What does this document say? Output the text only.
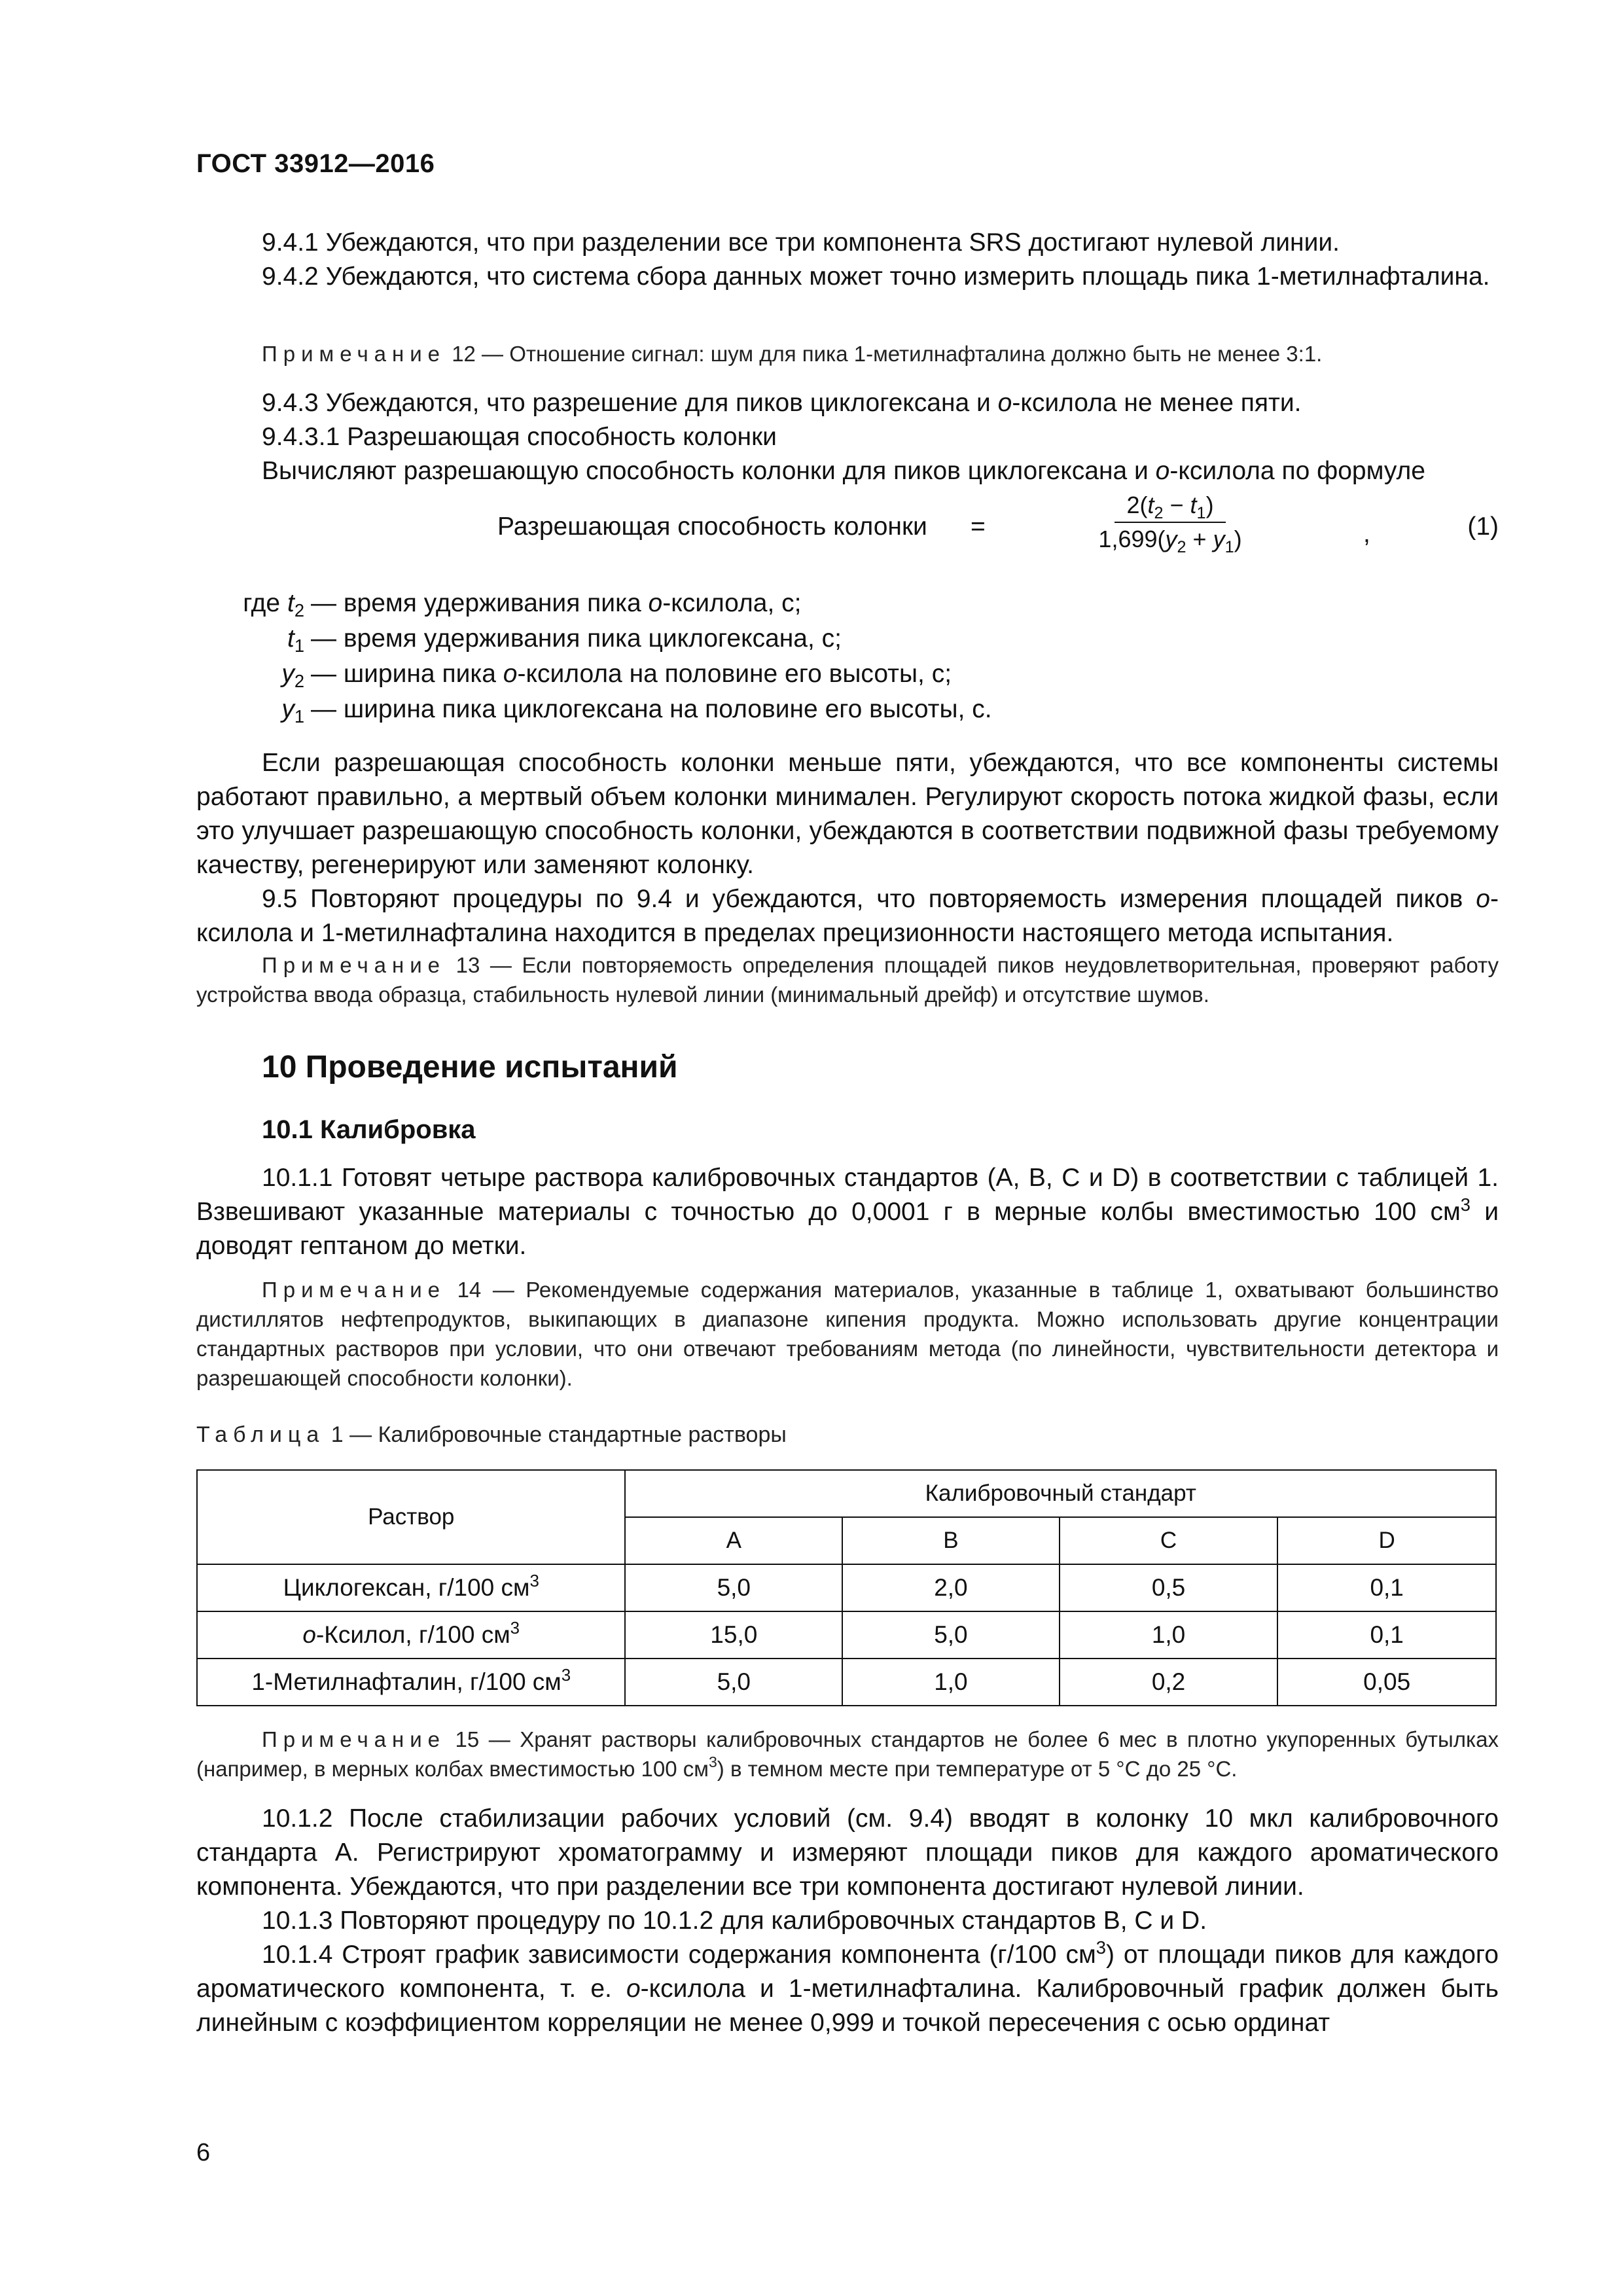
ГОСТ 33912—2016

9.4.1 Убеждаются, что при разделении все три компонента SRS достигают нулевой линии.

9.4.2 Убеждаются, что система сбора данных может точно измерить площадь пика 1-метилнафталина.

Примечание 12 — Отношение сигнал: шум для пика 1-метилнафталина должно быть не менее 3:1.

9.4.3 Убеждаются, что разрешение для пиков циклогексана и о-ксилола не менее пяти.

9.4.3.1 Разрешающая способность колонки

Вычисляют разрешающую способность колонки для пиков циклогексана и о-ксилола по формуле

Разрешающая способность колонки = $\frac{2(t_2 - t_1)}{1,699(y_2 + y_1)}$ ,	(1)
где $t_2$ — время удерживания пика о-ксилола, с;
$t_1$ — время удерживания пика циклогексана, с;
$y_2$ — ширина пика о-ксилола на половине его высоты, с;
$y_1$ — ширина пика циклогексана на половине его высоты, с.

Если разрешающая способность колонки меньше пяти, убеждаются, что все компоненты системы работают правильно, а мертвый объем колонки минимален. Регулируют скорость потока жидкой фазы, если это улучшает разрешающую способность колонки, убеждаются в соответствии подвижной фазы требуемому качеству, регенерируют или заменяют колонку.

9.5 Повторяют процедуры по 9.4 и убеждаются, что повторяемость измерения площадей пиков о-ксилола и 1-метилнафталина находится в пределах прецизионности настоящего метода испытания.

Примечание 13 — Если повторяемость определения площадей пиков неудовлетворительная, проверяют работу устройства ввода образца, стабильность нулевой линии (минимальный дрейф) и отсутствие шумов.

10 Проведение испытаний
10.1 Калибровка

10.1.1 Готовят четыре раствора калибровочных стандартов (A, B, C и D) в соответствии с таблицей 1. Взвешивают указанные материалы с точностью до 0,0001 г в мерные колбы вместимостью 100 $см^3$ и доводят гептаном до метки.

Примечание 14 — Рекомендуемые содержания материалов, указанные в таблице 1, охватывают большинство дистиллятов нефтепродуктов, выкипающих в диапазоне кипения продукта. Можно использовать другие концентрации стандартных растворов при условии, что они отвечают требованиям метода (по линейности, чувствительности детектора и разрешающей способности колонки).

Таблица 1 — Калибровочные стандартные растворы

Раствор	Калибровочный стандарт			
	A	B	C	D
Циклогексан, г/100 $см^3$	5,0	2,0	0,5	0,1
о-Ксилол, г/100 $см^3$	15,0	5,0	1,0	0,1
1-Метилнафталин, г/100 $см^3$	5,0	1,0	0,2	0,05

Примечание 15 — Хранят растворы калибровочных стандартов не более 6 мес в плотно укупоренных бутылках (например, в мерных колбах вместимостью 100 $см^3$) в темном месте при температуре от 5 °С до 25 °С.

10.1.2 После стабилизации рабочих условий (см. 9.4) вводят в колонку 10 мкл калибровочного стандарта А. Регистрируют хроматограмму и измеряют площади пиков для каждого ароматического компонента. Убеждаются, что при разделении все три компонента достигают нулевой линии.

10.1.3 Повторяют процедуру по 10.1.2 для калибровочных стандартов B, C и D.

10.1.4 Строят график зависимости содержания компонента (г/100 $см^3$) от площади пиков для каждого ароматического компонента, т. е. о-ксилола и 1-метилнафталина. Калибровочный график должен быть линейным с коэффициентом корреляции не менее 0,999 и точкой пересечения с осью ординат

6
